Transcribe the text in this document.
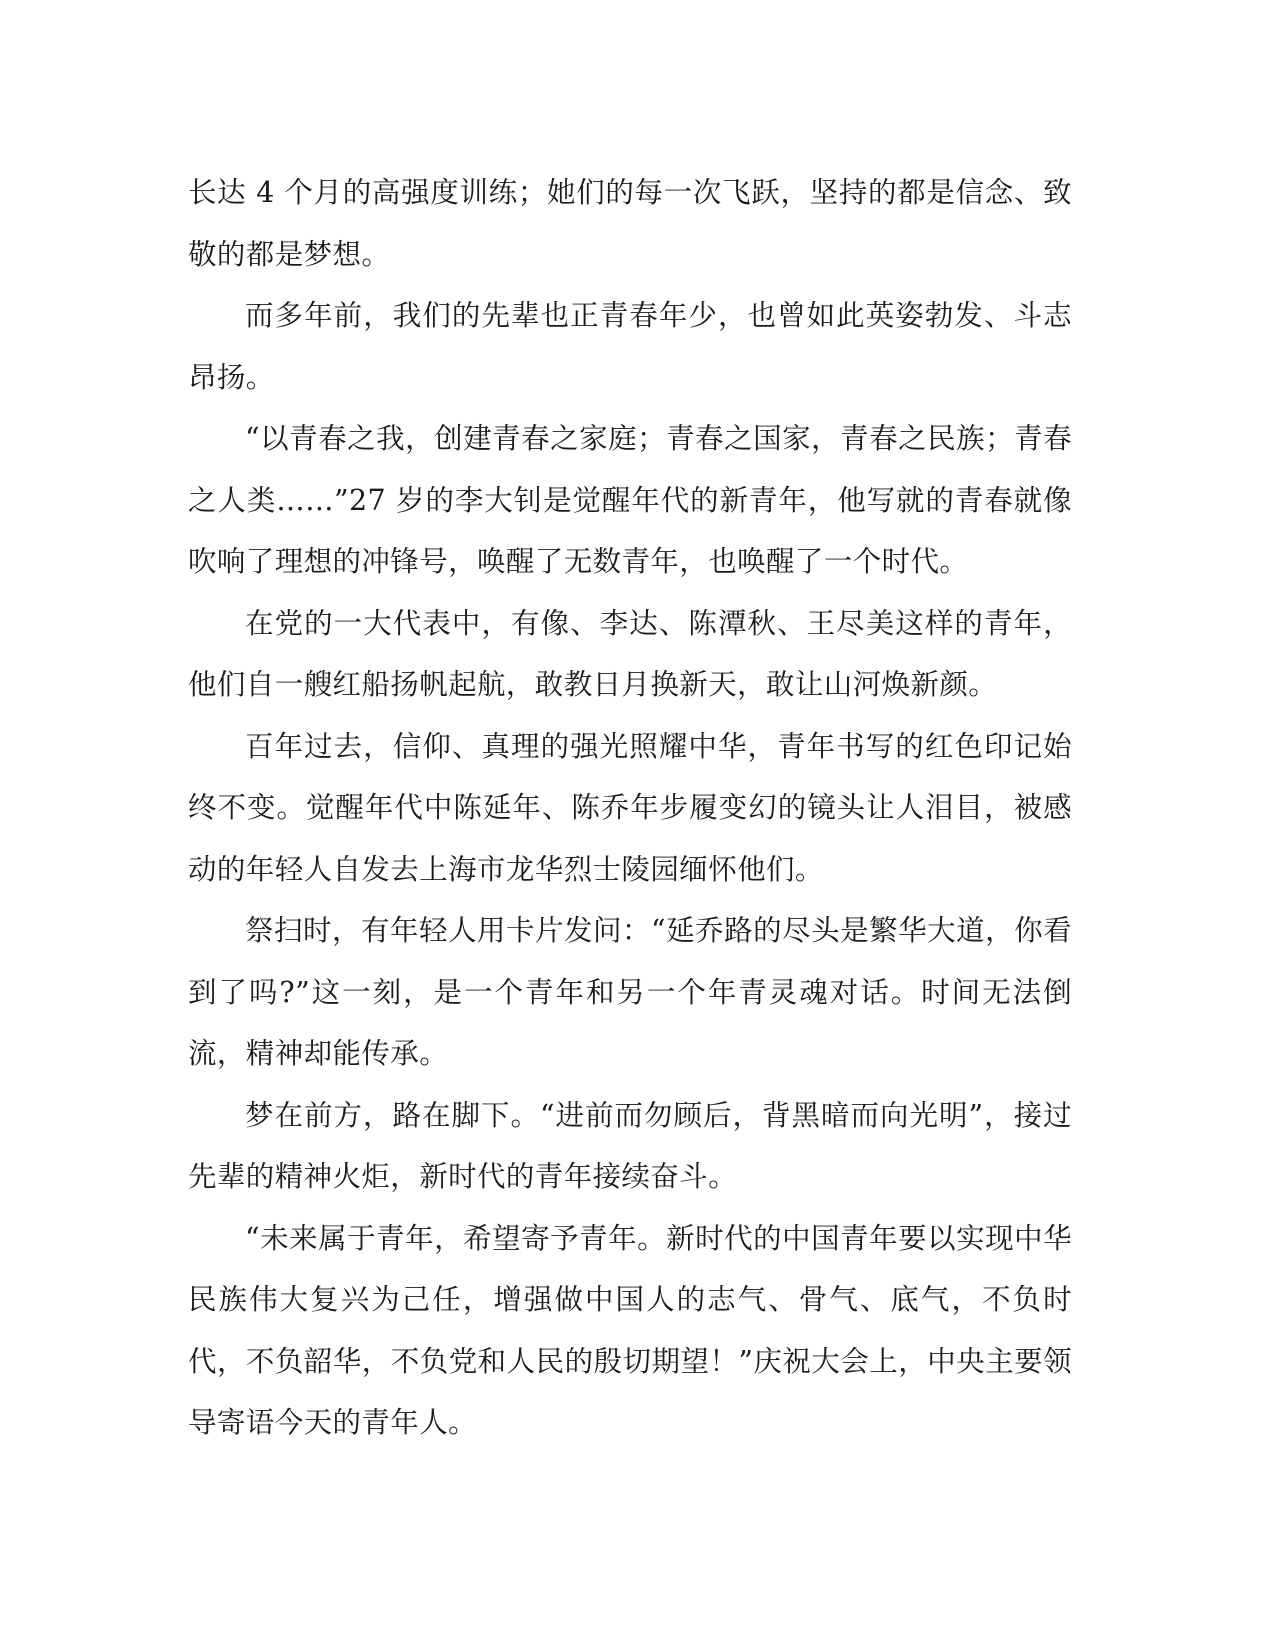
长达 4 个月的高强度训练；她们的每一次飞跃，坚持的都是信念、致敬的都是梦想。

而多年前，我们的先辈也正青春年少，也曾如此英姿勃发、斗志昂扬。

“以青春之我，创建青春之家庭；青春之国家，青春之民族；青春之人类……”27 岁的李大钊是觉醒年代的新青年，他写就的青春就像吹响了理想的冲锋号，唤醒了无数青年，也唤醒了一个时代。

在党的一大代表中，有像、李达、陈潭秋、王尽美这样的青年，他们自一艘红船扬帆起航，敢教日月换新天，敢让山河焕新颜。

百年过去，信仰、真理的强光照耀中华，青年书写的红色印记始终不变。觉醒年代中陈延年、陈乔年步履变幻的镜头让人泪目，被感动的年轻人自发去上海市龙华烈士陵园缅怀他们。

祭扫时，有年轻人用卡片发问：“延乔路的尽头是繁华大道，你看到了吗?”这一刻，是一个青年和另一个年青灵魂对话。时间无法倒流，精神却能传承。

梦在前方，路在脚下。“进前而勿顾后，背黑暗而向光明”，接过先辈的精神火炬，新时代的青年接续奋斗。

“未来属于青年，希望寄予青年。新时代的中国青年要以实现中华民族伟大复兴为己任，增强做中国人的志气、骨气、底气，不负时代，不负韶华，不负党和人民的殷切期望！”庆祝大会上，中央主要领导寄语今天的青年人。
